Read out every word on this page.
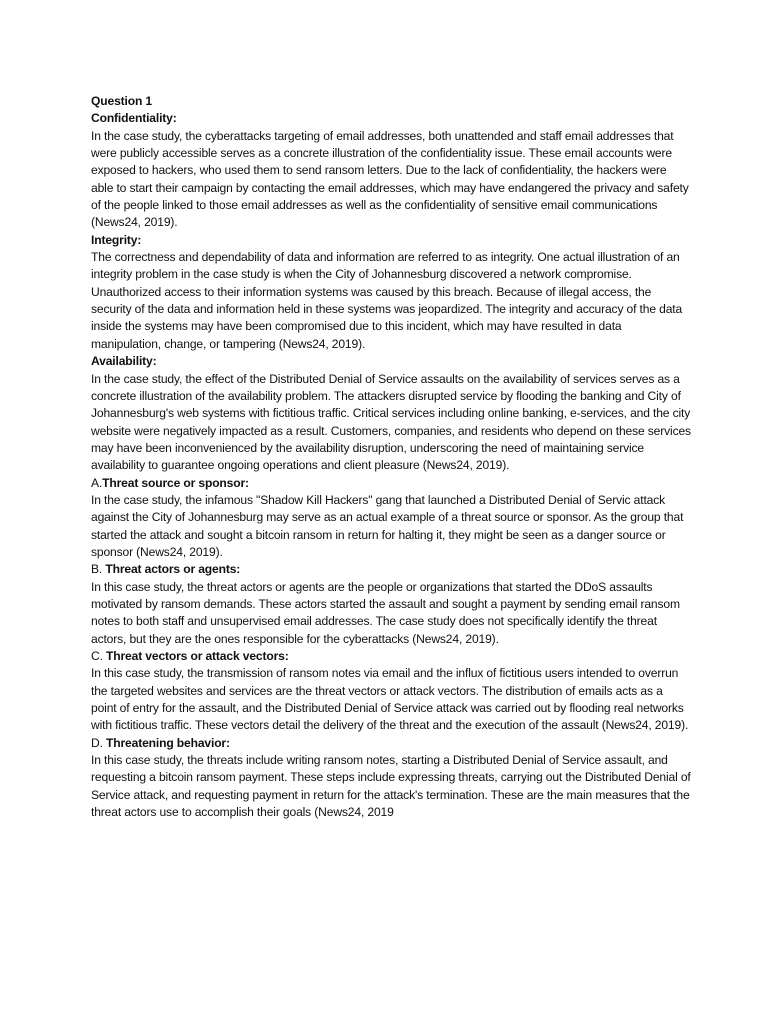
Question 1

Confidentiality:

In the case study, the cyberattacks targeting of email addresses, both unattended and staff email addresses that were publicly accessible serves as a concrete illustration of the confidentiality issue. These email accounts were exposed to hackers, who used them to send ransom letters. Due to the lack of confidentiality, the hackers were able to start their campaign by contacting the email addresses, which may have endangered the privacy and safety of the people linked to those email addresses as well as the confidentiality of sensitive email communications (News24, 2019).

Integrity:

The correctness and dependability of data and information are referred to as integrity. One actual illustration of an integrity problem in the case study is when the City of Johannesburg discovered a network compromise. Unauthorized access to their information systems was caused by this breach. Because of illegal access, the security of the data and information held in these systems was jeopardized. The integrity and accuracy of the data inside the systems may have been compromised due to this incident, which may have resulted in data manipulation, change, or tampering (News24, 2019).

Availability:

In the case study, the effect of the Distributed Denial of Service assaults on the availability of services serves as a concrete illustration of the availability problem. The attackers disrupted service by flooding the banking and City of Johannesburg's web systems with fictitious traffic. Critical services including online banking, e-services, and the city website were negatively impacted as a result. Customers, companies, and residents who depend on these services may have been inconvenienced by the availability disruption, underscoring the need of maintaining service availability to guarantee ongoing operations and client pleasure (News24, 2019).

A.Threat source or sponsor:

In the case study, the infamous "Shadow Kill Hackers" gang that launched a Distributed Denial of Servic attack against the City of Johannesburg may serve as an actual example of a threat source or sponsor. As the group that started the attack and sought a bitcoin ransom in return for halting it, they might be seen as a danger source or sponsor (News24, 2019).

B. Threat actors or agents:

In this case study, the threat actors or agents are the people or organizations that started the DDoS assaults motivated by ransom demands. These actors started the assault and sought a payment by sending email ransom notes to both staff and unsupervised email addresses. The case study does not specifically identify the threat actors, but they are the ones responsible for the cyberattacks (News24, 2019).

C. Threat vectors or attack vectors:

In this case study, the transmission of ransom notes via email and the influx of fictitious users intended to overrun the targeted websites and services are the threat vectors or attack vectors. The distribution of emails acts as a point of entry for the assault, and the Distributed Denial of Service attack was carried out by flooding real networks with fictitious traffic. These vectors detail the delivery of the threat and the execution of the assault (News24, 2019).

D. Threatening behavior:

In this case study, the threats include writing ransom notes, starting a Distributed Denial of Service assault, and requesting a bitcoin ransom payment. These steps include expressing threats, carrying out the Distributed Denial of Service attack, and requesting payment in return for the attack's termination. These are the main measures that the threat actors use to accomplish their goals (News24, 2019
